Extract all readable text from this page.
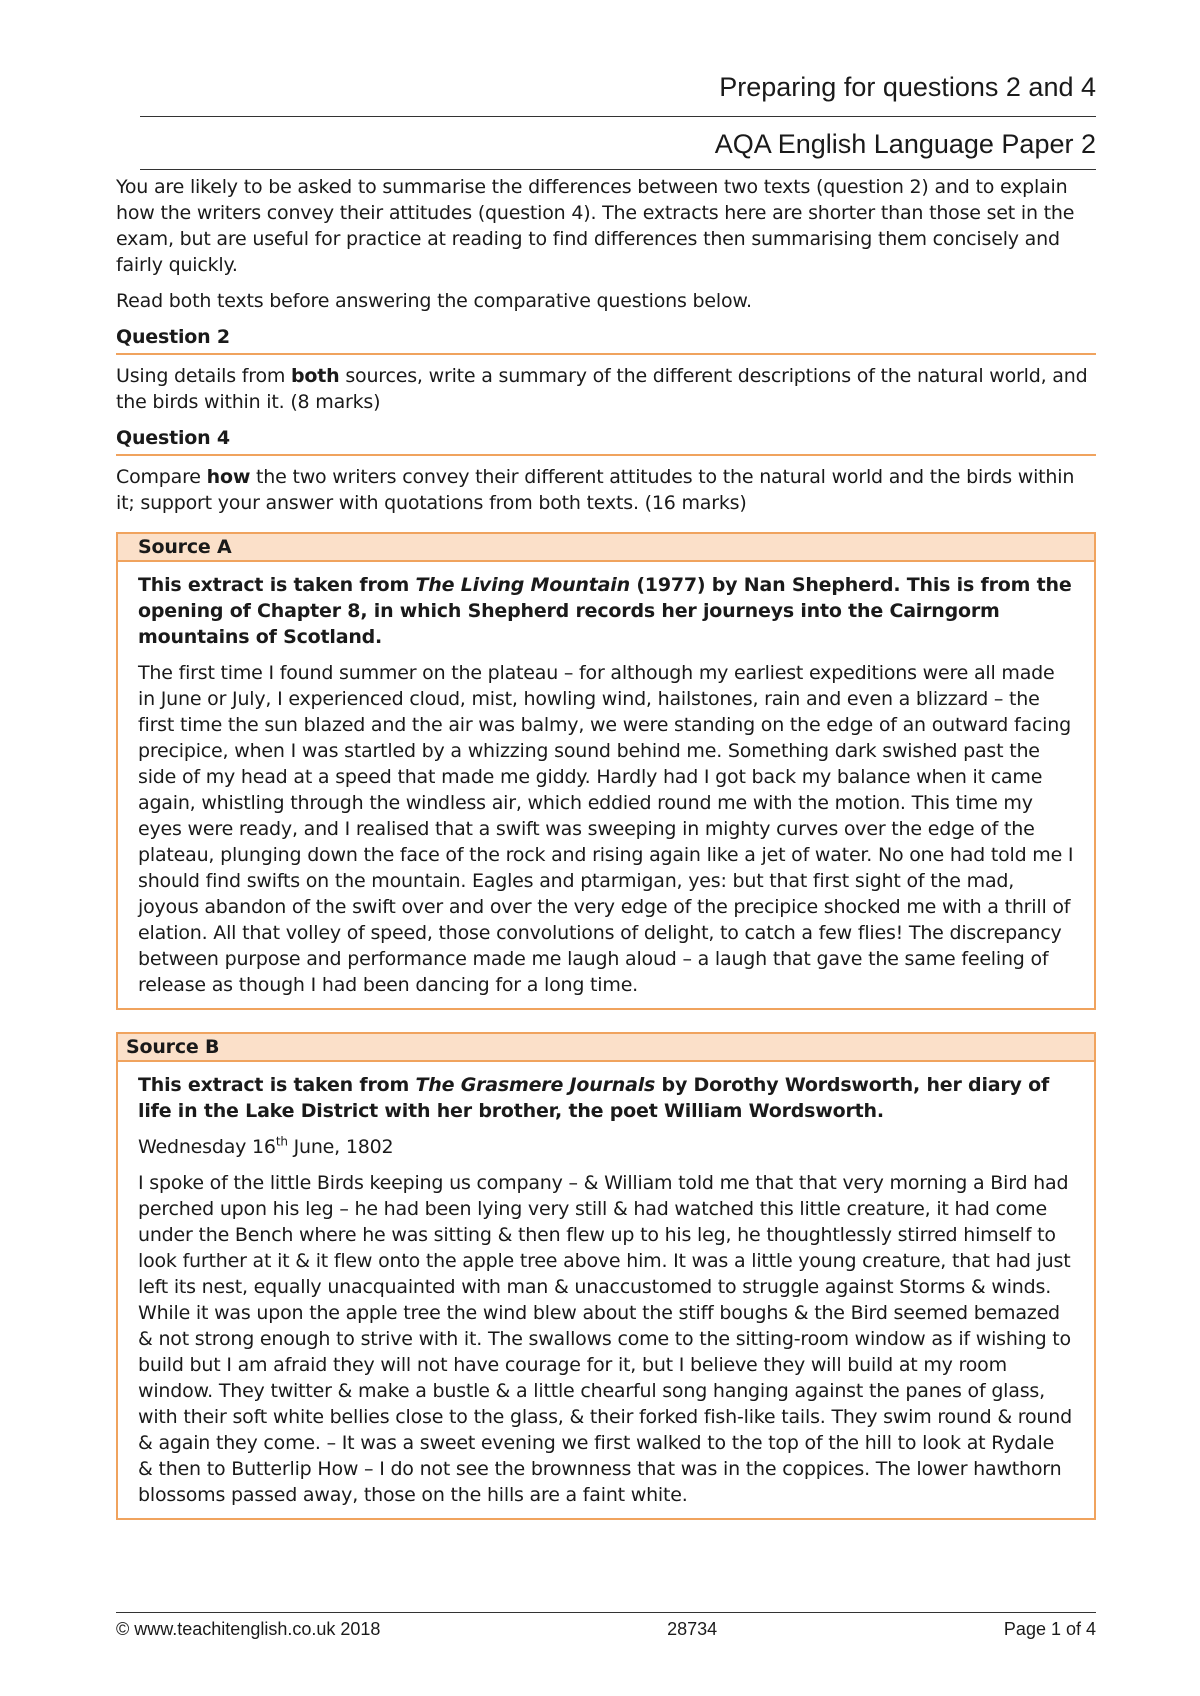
Preparing for questions 2 and 4
AQA English Language Paper 2

You are likely to be asked to summarise the differences between two texts (question 2) and to explain how the writers convey their attitudes (question 4). The extracts here are shorter than those set in the exam, but are useful for practice at reading to find differences then summarising them concisely and fairly quickly.

Read both texts before answering the comparative questions below.

Question 2

Using details from both sources, write a summary of the different descriptions of the natural world, and the birds within it. (8 marks)

Question 4

Compare how the two writers convey their different attitudes to the natural world and the birds within it; support your answer with quotations from both texts. (16 marks)

Source A

This extract is taken from The Living Mountain (1977) by Nan Shepherd. This is from the opening of Chapter 8, in which Shepherd records her journeys into the Cairngorm mountains of Scotland.

The first time I found summer on the plateau – for although my earliest expeditions were all made in June or July, I experienced cloud, mist, howling wind, hailstones, rain and even a blizzard – the first time the sun blazed and the air was balmy, we were standing on the edge of an outward facing precipice, when I was startled by a whizzing sound behind me. Something dark swished past the side of my head at a speed that made me giddy. Hardly had I got back my balance when it came again, whistling through the windless air, which eddied round me with the motion. This time my eyes were ready, and I realised that a swift was sweeping in mighty curves over the edge of the plateau, plunging down the face of the rock and rising again like a jet of water. No one had told me I should find swifts on the mountain. Eagles and ptarmigan, yes: but that first sight of the mad, joyous abandon of the swift over and over the very edge of the precipice shocked me with a thrill of elation. All that volley of speed, those convolutions of delight, to catch a few flies! The discrepancy between purpose and performance made me laugh aloud – a laugh that gave the same feeling of release as though I had been dancing for a long time.

Source B

This extract is taken from The Grasmere Journals by Dorothy Wordsworth, her diary of life in the Lake District with her brother, the poet William Wordsworth.

Wednesday 16th June, 1802

I spoke of the little Birds keeping us company – & William told me that that very morning a Bird had perched upon his leg – he had been lying very still & had watched this little creature, it had come under the Bench where he was sitting & then flew up to his leg, he thoughtlessly stirred himself to look further at it & it flew onto the apple tree above him. It was a little young creature, that had just left its nest, equally unacquainted with man & unaccustomed to struggle against Storms & winds. While it was upon the apple tree the wind blew about the stiff boughs & the Bird seemed bemazed & not strong enough to strive with it. The swallows come to the sitting-room window as if wishing to build but I am afraid they will not have courage for it, but I believe they will build at my room window. They twitter & make a bustle & a little chearful song hanging against the panes of glass, with their soft white bellies close to the glass, & their forked fish-like tails. They swim round & round & again they come. – It was a sweet evening we first walked to the top of the hill to look at Rydale & then to Butterlip How – I do not see the brownness that was in the coppices. The lower hawthorn blossoms passed away, those on the hills are a faint white.

© www.teachitenglish.co.uk 2018	28734	Page 1 of 4
